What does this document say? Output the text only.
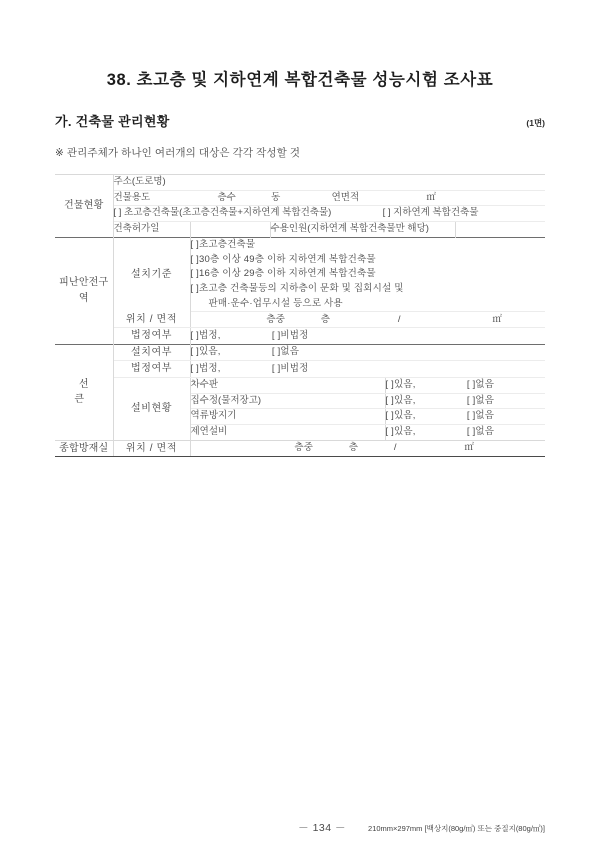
38. 초고층 및 지하연계 복합건축물 성능시험 조사표
가. 건축물 관리현황	(1면)
※ 관리주체가 하나인 여러개의 대상은 각각 작성할 것
건물현황	주소(도로명)				
	건물용도 층수 동 연면적 ㎡				
	[ ] 초고층건축물(초고층건축물+지하연계 복합건축물) [ ] 지하연계 복합건축물				
	건축허가일		수용인원(지하연계 복합건축물만 해당)		
피난안전구역	설치기준	[ ]초고층건축물
[ ]30층 이상 49층 이하 지하연계 복합건축물
[ ]16층 이상 29층 이하 지하연계 복합건축물
[ ]초고층 건축물등의 지하층이 문화 및 집회시설 및
판매·운수·업무시설 등으로 사용			

	위치 / 면적	층중 층 / ㎡			
	법정여부	[ ]법정, [ ]비법정			
선 큰	설치여부	[ ]있음, [ ]없음			
	법정여부	[ ]법정, [ ]비법정			
	설비현황	차수판		[ ]있음, [ ]없음	
		집수정(물저장고)		[ ]있음, [ ]없음	
		역류방지기		[ ]있음, [ ]없음	
		제연설비		[ ]있음, [ ]없음	
종합방재실	위치 / 면적	층중 층 / ㎡			
－ 134 －	210mm×297mm [백상지(80g/㎡) 또는 중질지(80g/㎡)]
